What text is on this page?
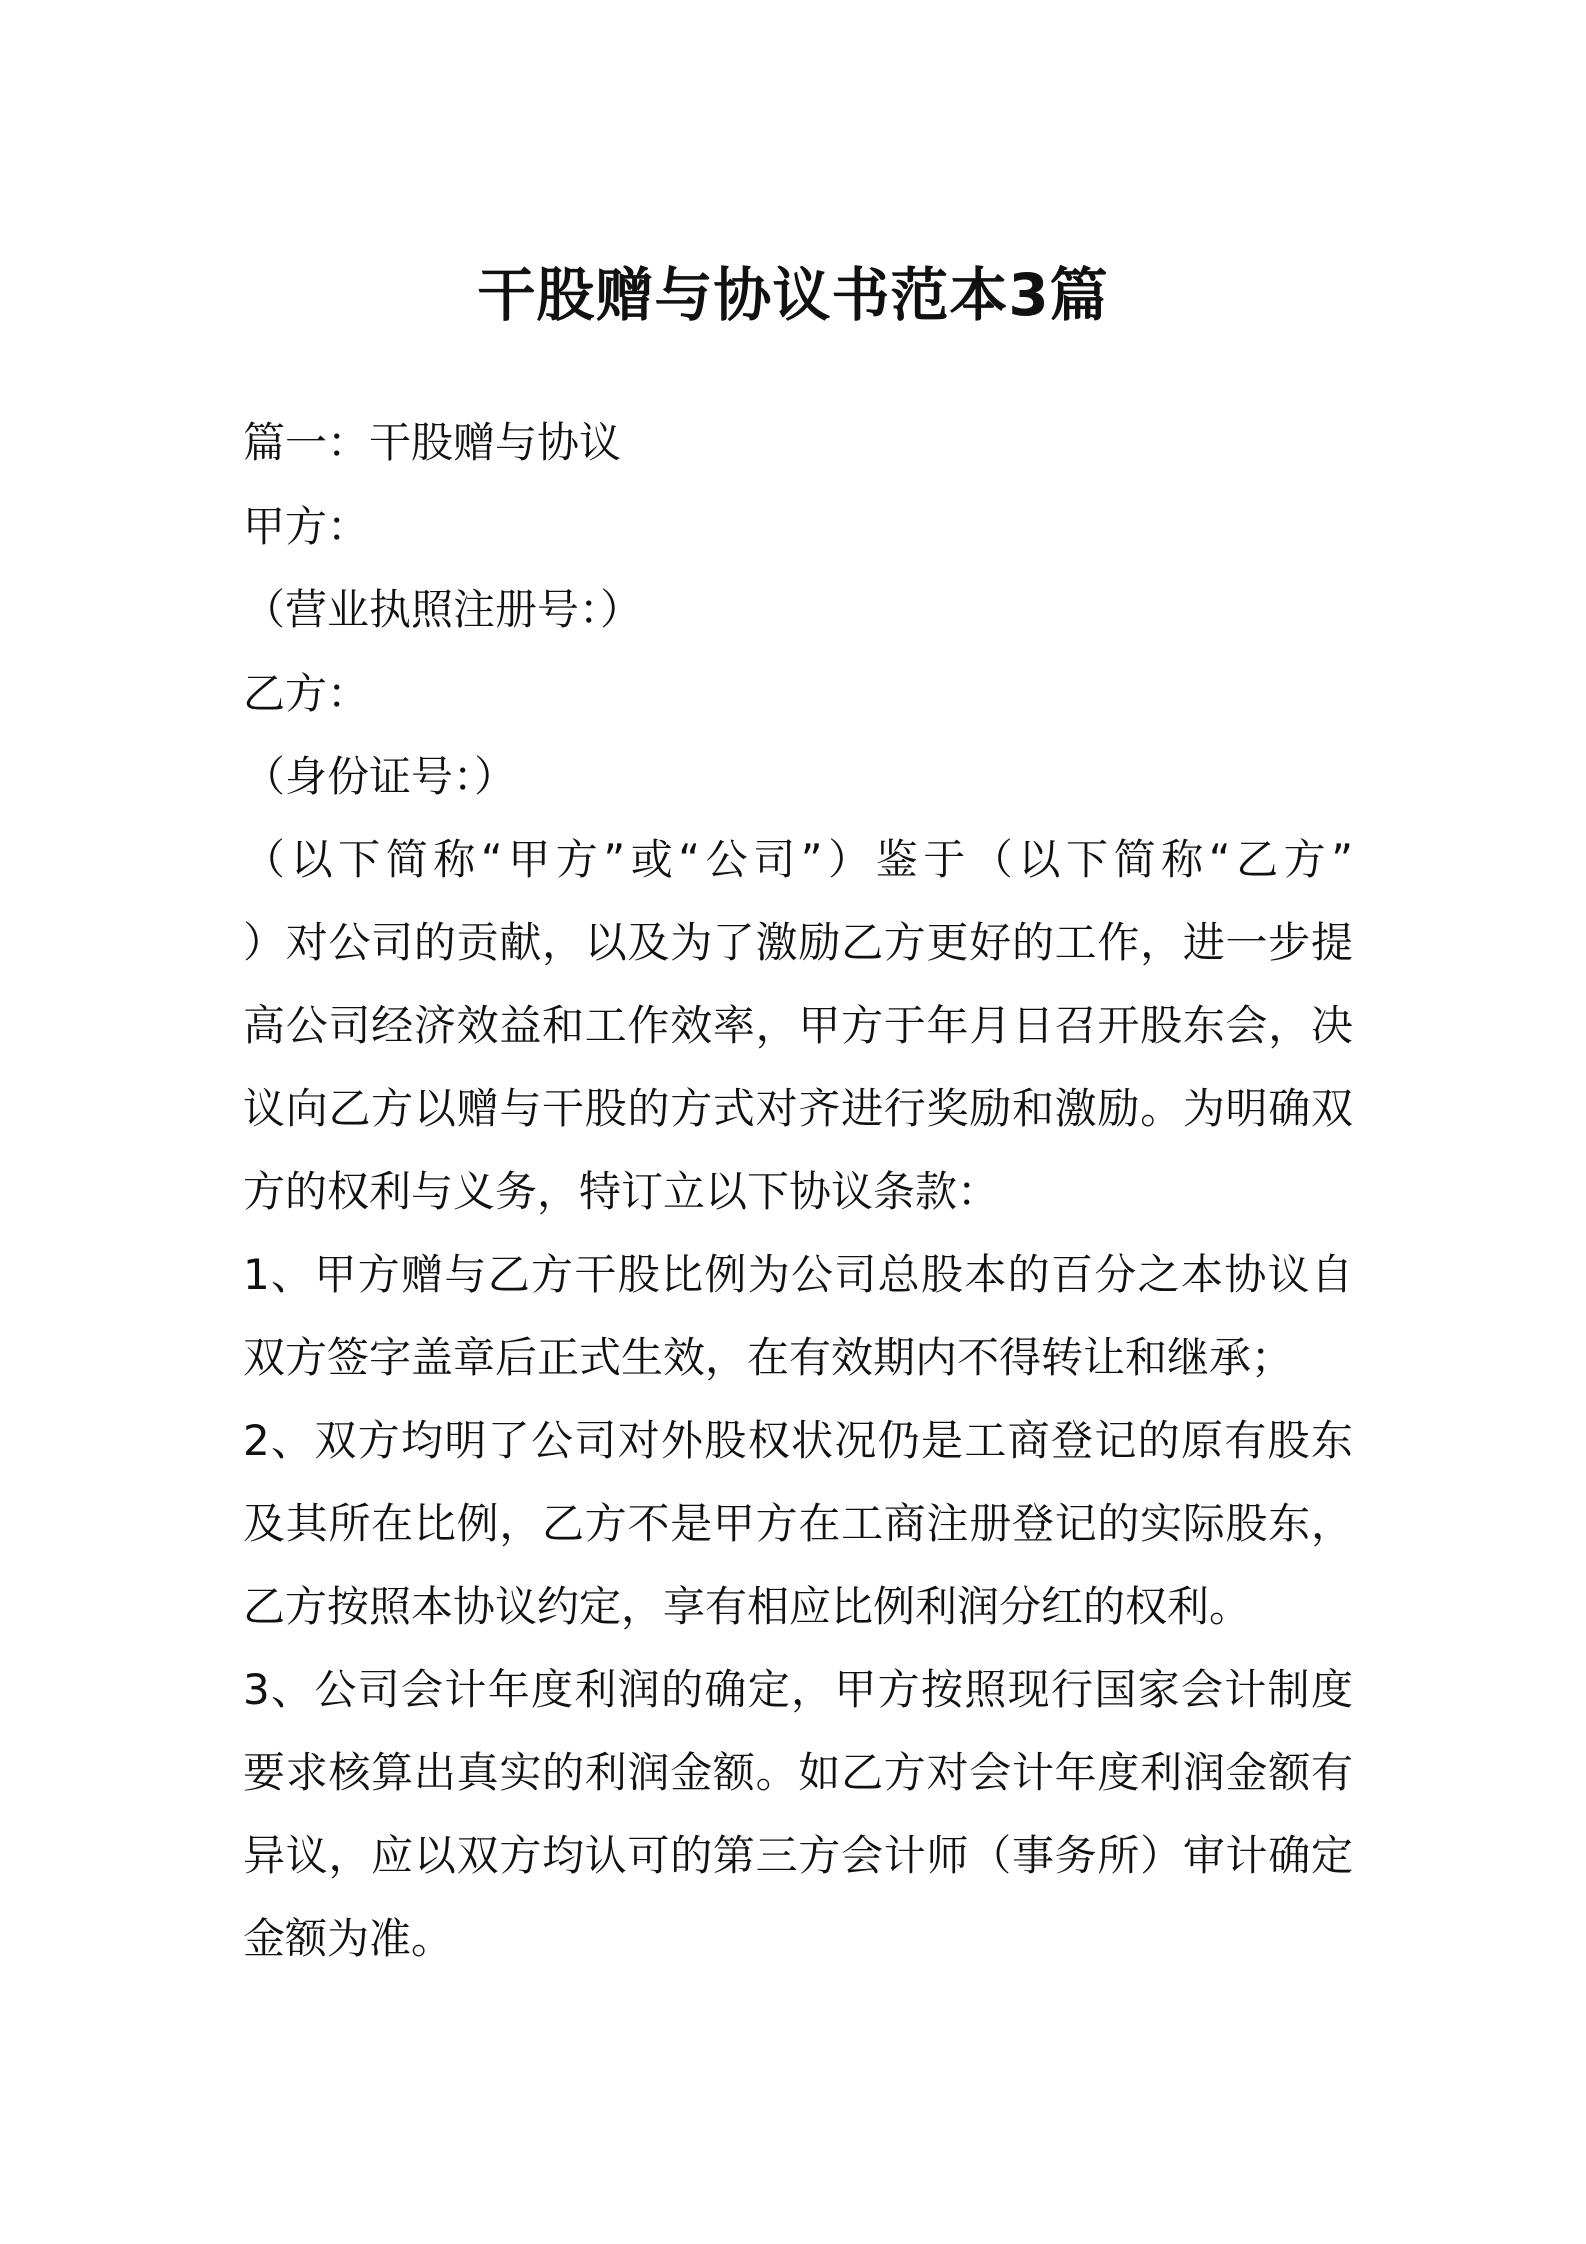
干股赠与协议书范本3篇
篇一：干股赠与协议
甲方：
（营业执照注册号：）
乙方：
（身份证号：）
（以下简称“甲方”或“公司”）鉴于（以下简称“乙方”
）对公司的贡献，以及为了激励乙方更好的工作，进一步提
高公司经济效益和工作效率，甲方于年月日召开股东会，决
议向乙方以赠与干股的方式对齐进行奖励和激励。为明确双
方的权利与义务，特订立以下协议条款：
1、甲方赠与乙方干股比例为公司总股本的百分之本协议自
双方签字盖章后正式生效，在有效期内不得转让和继承；
2、双方均明了公司对外股权状况仍是工商登记的原有股东
及其所在比例，乙方不是甲方在工商注册登记的实际股东，
乙方按照本协议约定，享有相应比例利润分红的权利。
3、公司会计年度利润的确定，甲方按照现行国家会计制度
要求核算出真实的利润金额。如乙方对会计年度利润金额有
异议，应以双方均认可的第三方会计师（事务所）审计确定
金额为准。
